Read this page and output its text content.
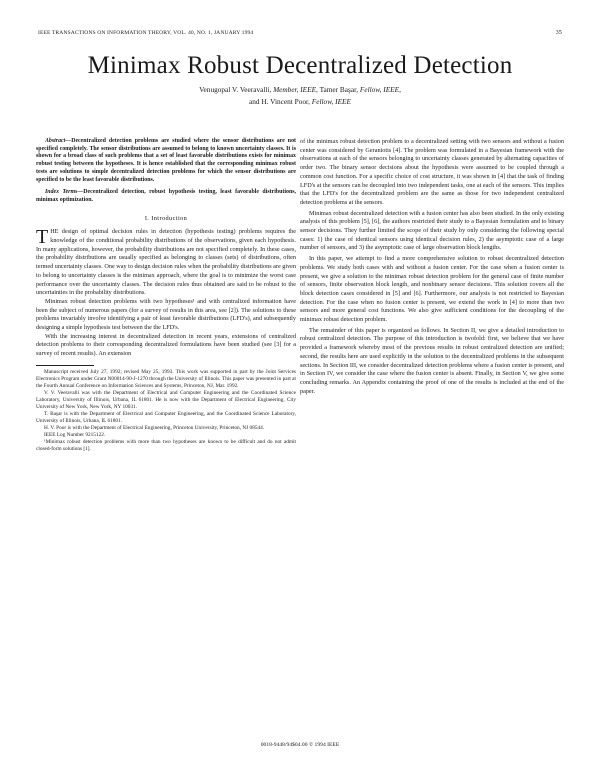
IEEE TRANSACTIONS ON INFORMATION THEORY, VOL. 40, NO. 1, JANUARY 1994	35
Minimax Robust Decentralized Detection
Venugopal V. Veeravalli, Member, IEEE, Tamer Başar, Fellow, IEEE,
and H. Vincent Poor, Fellow, IEEE

Abstract—Decentralized detection problems are studied where the sensor distributions are not specified completely. The sensor distributions are assumed to belong to known uncertainty classes. It is shown for a broad class of such problems that a set of least favorable distributions exists for minimax robust testing between the hypotheses. It is hence established that the corresponding minimax robust tests are solutions to simple decentralized detection problems for which the sensor distributions are specified to be the least favorable distributions.

Index Terms—Decentralized detection, robust hypothesis testing, least favorable distributions, minimax optimization.

I. Introduction

THE design of optimal decision rules in detection (hypothesis testing) problems requires the knowledge of the conditional probability distributions of the observations, given each hypothesis. In many applications, however, the probability distributions are not specified completely. In these cases, the probability distributions are usually specified as belonging to classes (sets) of distributions, often termed uncertainty classes. One way to design decision rules when the probability distributions are given to belong to uncertainty classes is the minimax approach, where the goal is to minimize the worst case performance over the uncertainty classes. The decision rules thus obtained are said to be robust to the uncertainties in the probability distributions.

Minimax robust detection problems with two hypotheses¹ and with centralized information have been the subject of numerous papers (for a survey of results in this area, see [2]). The solutions to these problems invariably involve identifying a pair of least favorable distributions (LFD's), and subsequently designing a simple hypothesis test between the the LFD's.

With the increasing interest in decentralized detection in recent years, extensions of centralized detection problems to their corresponding decentralized formulations have been studied (see [3] for a survey of recent results). An extension

Manuscript received July 27, 1992; revised May 25, 1993. This work was supported in part by the Joint Services Electronics Program under Grant N00014-90-J-1270 through the University of Illinois. This paper was presented in part at the Fourth Annual Conference on Information Sciences and Systems, Princeton, NJ, Mar. 1992.

V. V. Veeravalli was with the Department of Electrical and Computer Engineering and the Coordinated Science Laboratory, University of Illinois, Urbana, IL 61801. He is now with the Department of Electrical Engineering, City University of New York, New York, NY 10031.

T. Başar is with the Department of Electrical and Computer Engineering, and the Coordinated Science Laboratory, University of Illinois, Urbana, IL 61801.

H. V. Poor is with the Department of Electrical Engineering, Princeton University, Princeton, NJ 08544.

IEEE Log Number 9215122.

¹Minimax robust detection problems with more than two hypotheses are known to be difficult and do not admit closed-form solutions [1].

of the minimax robust detection problem to a decentralized setting with two sensors and without a fusion center was considered by Geraniotis [4]. The problem was formulated in a Bayesian framework with the observations at each of the sensors belonging to uncertainty classes generated by alternating capacities of order two. The binary sensor decisions about the hypothesis were assumed to be coupled through a common cost function. For a specific choice of cost structure, it was shown in [4] that the task of finding LFD's at the sensors can be decoupled into two independent tasks, one at each of the sensors. This implies that the LFD's for the decentralized problem are the same as those for two independent centralized detection problems at the sensors.

Minimax robust decentralized detection with a fusion center has also been studied. In the only existing analysis of this problem [5], [6], the authors restricted their study to a Bayesian formulation and to binary sensor decisions. They further limited the scope of their study by only considering the following special cases: 1) the case of identical sensors using identical decision rules, 2) the asymptotic case of a large number of sensors, and 3) the asymptotic case of large observation block lengths.

In this paper, we attempt to find a more comprehensive solution to robust decentralized detection problems. We study both cases with and without a fusion center. For the case when a fusion center is present, we give a solution to the minimax robust detection problem for the general case of finite number of sensors, finite observation block length, and nonbinary sensor decisions. This solution covers all the block detection cases considered in [5] and [6]. Furthermore, our analysis is not restricted to Bayesian detection. For the case when no fusion center is present, we extend the work in [4] to more than two sensors and more general cost functions. We also give sufficient conditions for the decoupling of the minimax robust detection problem.

The remainder of this paper is organized as follows. In Section II, we give a detailed introduction to robust centralized detection. The purpose of this introduction is twofold: first, we believe that we have provided a framework whereby most of the previous results in robust centralized detection are unified; second, the results here are used explicitly in the solution to the decentralized problems in the subsequent sections. In Section III, we consider decentralized detection problems where a fusion center is present, and in Section IV, we consider the case where the fusion center is absent. Finally, in Section V, we give some concluding remarks. An Appendix containing the proof of one of the results is included at the end of the paper.

0018-9448/94$04.00 © 1994 IEEE
